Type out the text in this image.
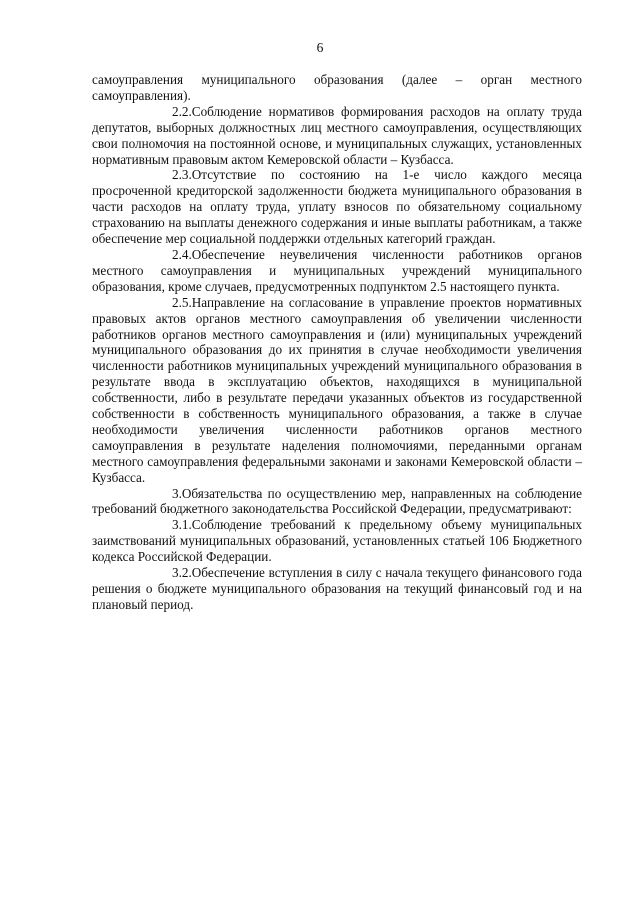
6

самоуправления муниципального образования (далее – орган местного самоуправления).

2.2.Соблюдение нормативов формирования расходов на оплату труда депутатов, выборных должностных лиц местного самоуправления, осуществляющих свои полномочия на постоянной основе, и муниципальных служащих, установленных нормативным правовым актом Кемеровской области – Кузбасса.

2.3.Отсутствие по состоянию на 1-е число каждого месяца просроченной кредиторской задолженности бюджета муниципального образования в части расходов на оплату труда, уплату взносов по обязательному социальному страхованию на выплаты денежного содержания и иные выплаты работникам, а также обеспечение мер социальной поддержки отдельных категорий граждан.

2.4.Обеспечение неувеличения численности работников органов местного самоуправления и муниципальных учреждений муниципального образования, кроме случаев, предусмотренных подпунктом 2.5 настоящего пункта.

2.5.Направление на согласование в управление проектов нормативных правовых актов органов местного самоуправления об увеличении численности работников органов местного самоуправления и (или) муниципальных учреждений муниципального образования до их принятия в случае необходимости увеличения численности работников муниципальных учреждений муниципального образования в результате ввода в эксплуатацию объектов, находящихся в муниципальной собственности, либо в результате передачи указанных объектов из государственной собственности в собственность муниципального образования, а также в случае необходимости увеличения численности работников органов местного самоуправления в результате наделения полномочиями, переданными органам местного самоуправления федеральными законами и законами Кемеровской области – Кузбасса.

3.Обязательства по осуществлению мер, направленных на соблюдение требований бюджетного законодательства Российской Федерации, предусматривают:

3.1.Соблюдение требований к предельному объему муниципальных заимствований муниципальных образований, установленных статьей 106 Бюджетного кодекса Российской Федерации.

3.2.Обеспечение вступления в силу с начала текущего финансового года решения о бюджете муниципального образования на текущий финансовый год и на плановый период.
